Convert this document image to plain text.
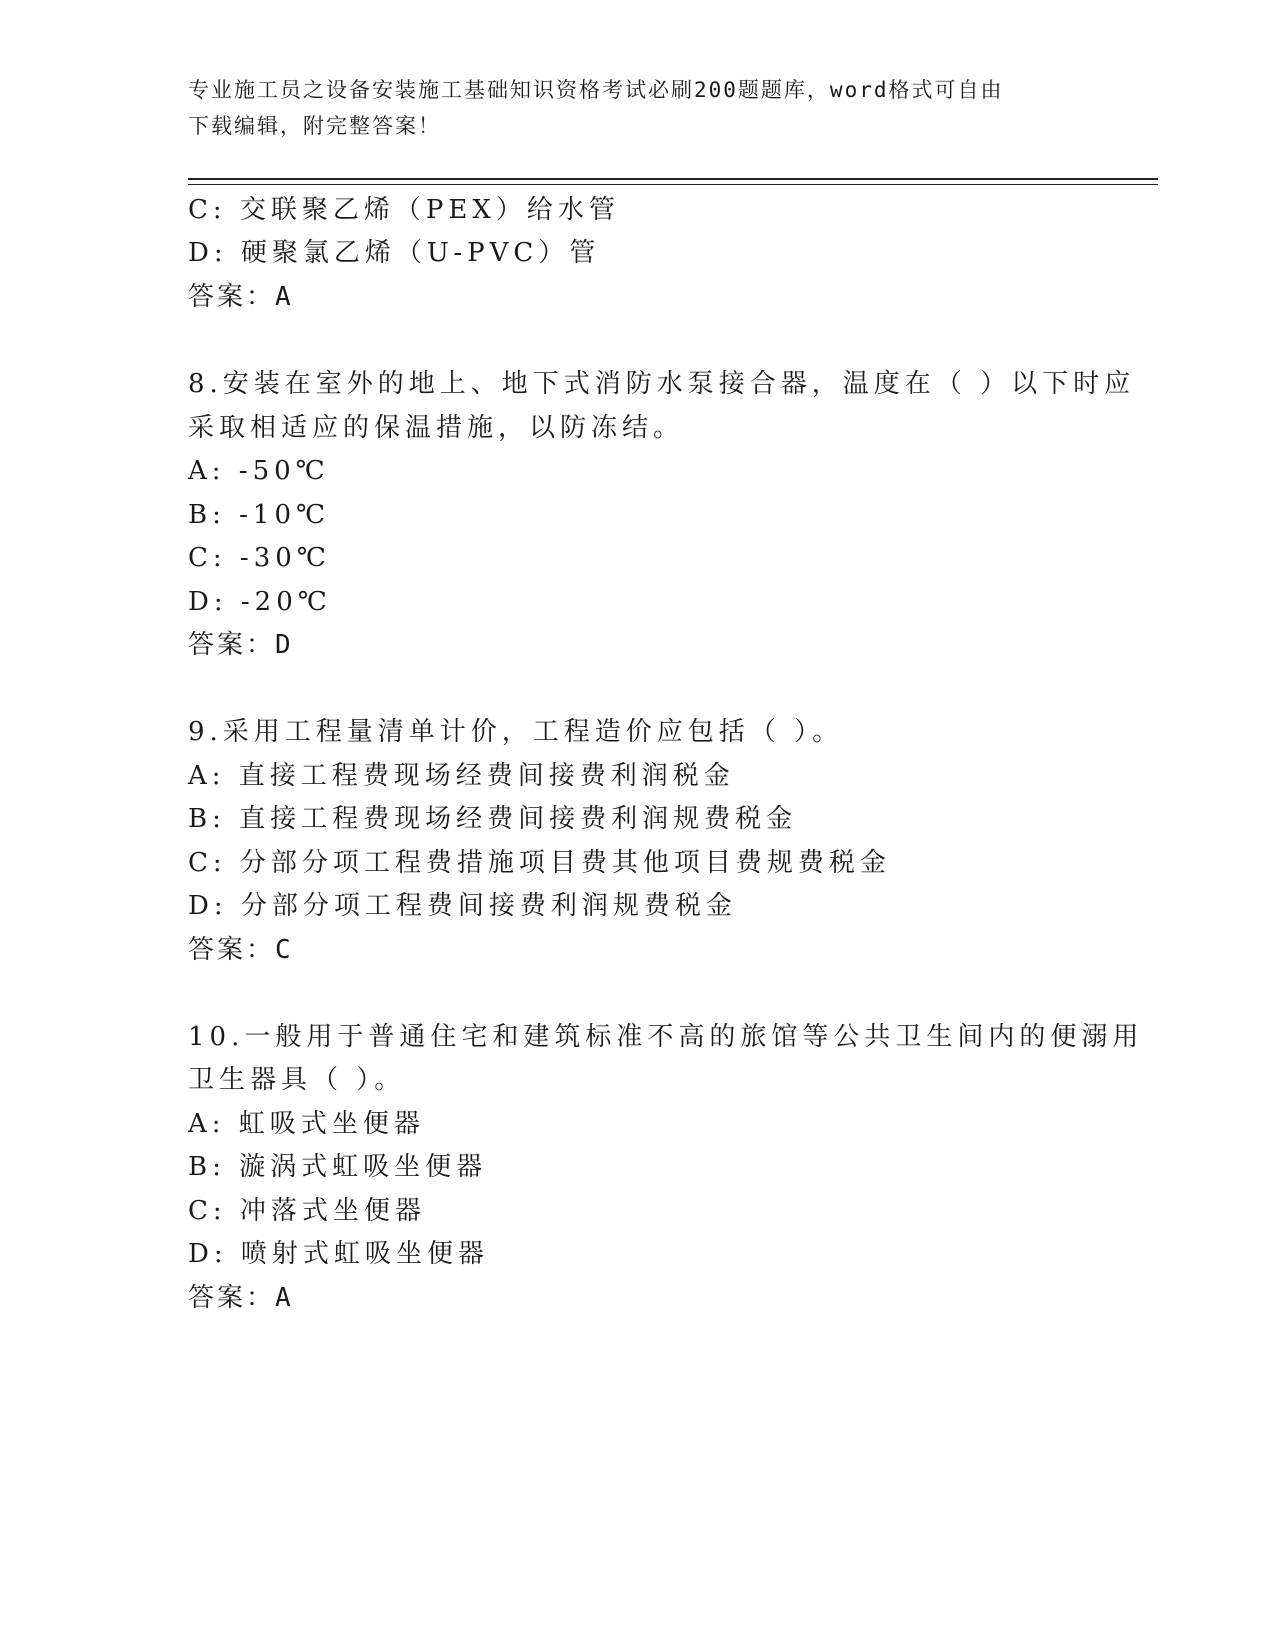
专业施工员之设备安装施工基础知识资格考试必刷200题题库，word格式可自由
下载编辑，附完整答案！
C: 交联聚乙烯（PEX）给水管
D: 硬聚氯乙烯（U-PVC）管
答案：A
8.安装在室外的地上、地下式消防水泵接合器，温度在（ ）以下时应
采取相适应的保温措施，以防冻结。
A: -50℃
B: -10℃
C: -30℃
D: -20℃
答案：D
9.采用工程量清单计价，工程造价应包括（ ）。
A: 直接工程费现场经费间接费利润税金
B: 直接工程费现场经费间接费利润规费税金
C: 分部分项工程费措施项目费其他项目费规费税金
D: 分部分项工程费间接费利润规费税金
答案：C
10.一般用于普通住宅和建筑标准不高的旅馆等公共卫生间内的便溺用
卫生器具（ ）。
A: 虹吸式坐便器
B: 漩涡式虹吸坐便器
C: 冲落式坐便器
D: 喷射式虹吸坐便器
答案：A
